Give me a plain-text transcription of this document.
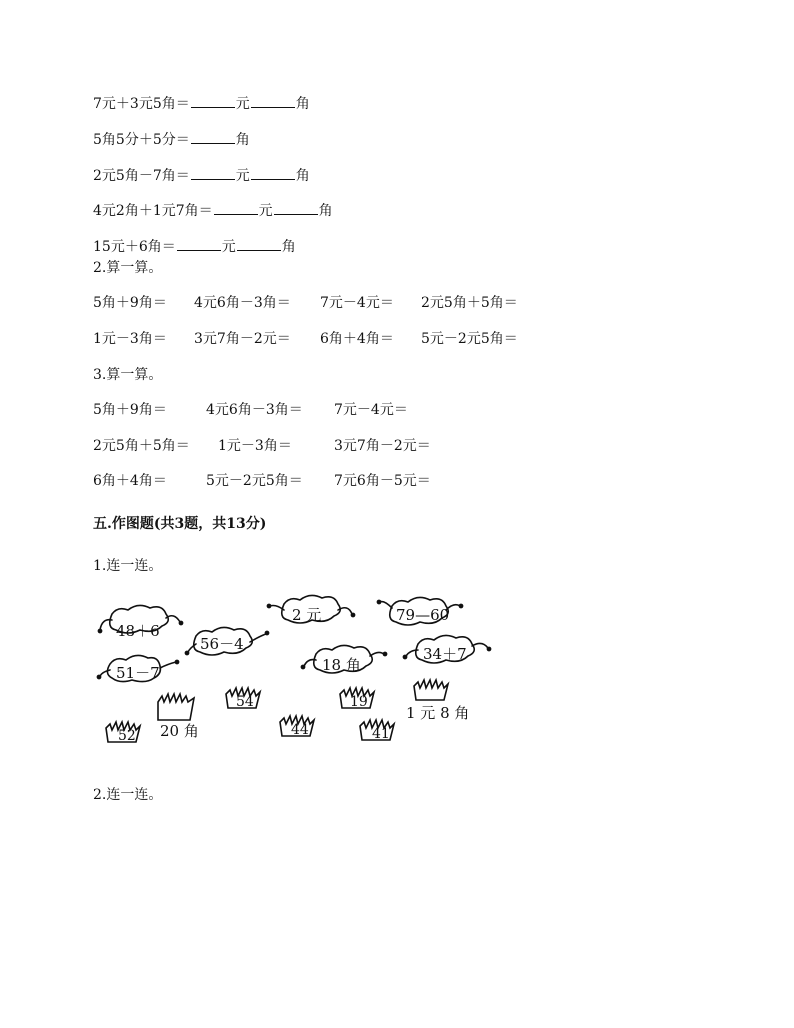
7元＋3元5角＝	元	角
5角5分＋5分＝	角
2元5角－7角＝	元	角
4元2角＋1元7角＝	元	角
15元＋6角＝	元	角
2.算一算。
5角＋9角＝ 4元6角－3角＝ 7元－4元＝ 2元5角＋5角＝
1元－3角＝ 3元7角－2元＝ 6角＋4角＝ 5元－2元5角＝
3.算一算。
5角＋9角＝	4元6角－3角＝ 7元－4元＝
2元5角＋5角＝ 1元－3角＝	3元7角－2元＝
6角＋4角＝	5元－2元5角＝ 7元6角－5元＝
五.作图题(共3题，共13分)
1.连一连。
48＋6
56－4
51－7
2 元	79—60
18 角
34＋7
20 角
54	19
1 元 8 角
52	44	41
2.连一连。
